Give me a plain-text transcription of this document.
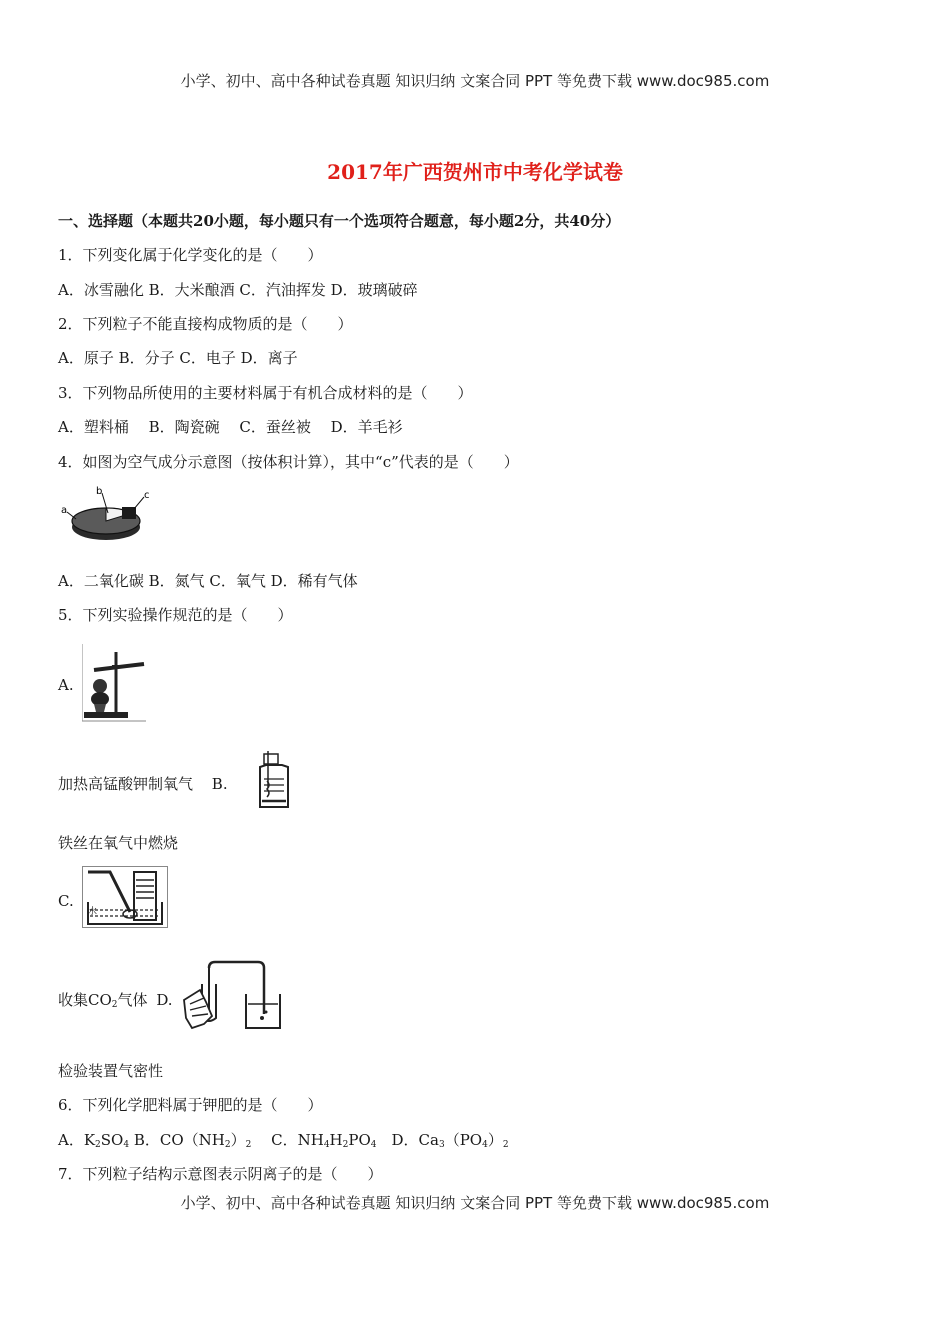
小学、初中、高中各种试卷真题 知识归纳 文案合同 PPT 等免费下载 www.doc985.com
2017年广西贺州市中考化学试卷
一、选择题（本题共20小题，每小题只有一个选项符合题意，每小题2分，共40分）
1．下列变化属于化学变化的是（　　）
A．冰雪融化 B．大米酿酒 C．汽油挥发 D．玻璃破碎
2．下列粒子不能直接构成物质的是（　　）
A．原子 B．分子 C．电子 D．离子
3．下列物品所使用的主要材料属于有机合成材料的是（　　）
A．塑料桶　 B．陶瓷碗　 C．蚕丝被　 D．羊毛衫
4．如图为空气成分示意图（按体积计算），其中“c”代表的是（　　）
a
b	c
A．二氧化碳 B．氮气 C．氧气 D．稀有气体
5．下列实验操作规范的是（　　）
A.
加热高锰酸钾制氧气 B.
铁丝在氧气中燃烧
C.
水
收集$CO_2$气体 D.
检验装置气密性
6．下列化学肥料属于钾肥的是（　　）
A．$K_2SO_4$ B．$CO(NH_2)_2$　 C．$NH_4H_2PO_4$　D．$Ca_3(PO_4)_2$
7．下列粒子结构示意图表示阴离子的是（　　）
小学、初中、高中各种试卷真题 知识归纳 文案合同 PPT 等免费下载 www.doc985.com
